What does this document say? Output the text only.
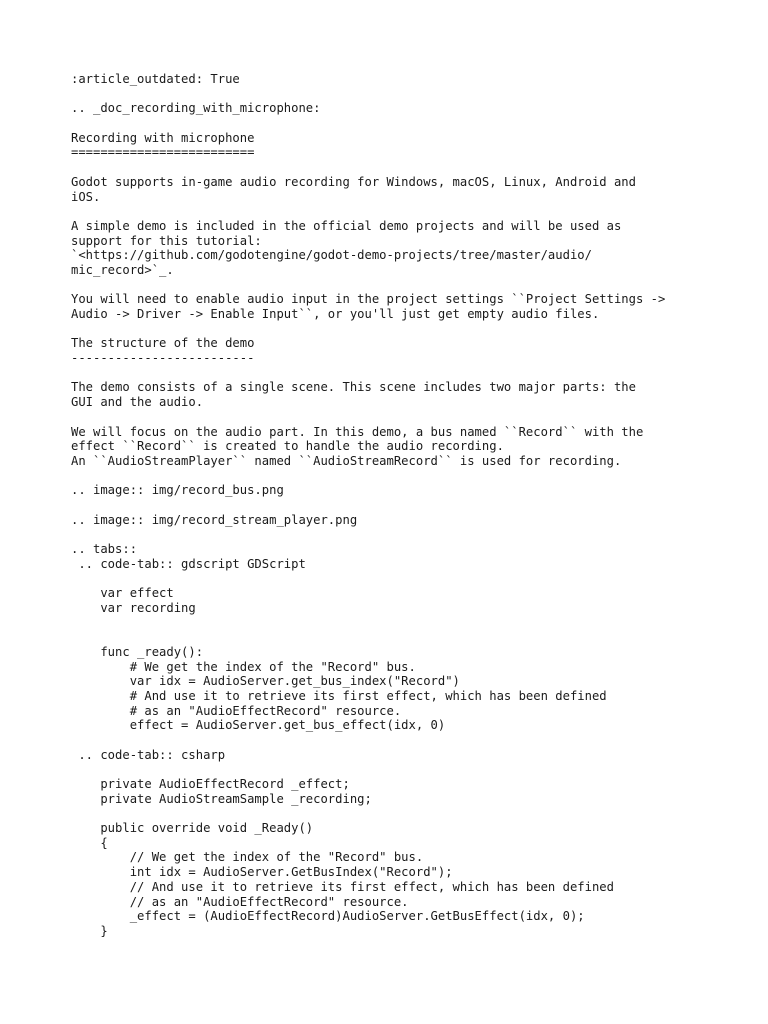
:article_outdated: True
.. _doc_recording_with_microphone:
Recording with microphone
=========================
Godot supports in-game audio recording for Windows, macOS, Linux, Android and
iOS.
A simple demo is included in the official demo projects and will be used as
support for this tutorial:
`<https://github.com/godotengine/godot-demo-projects/tree/master/audio/
mic_record>`_.
You will need to enable audio input in the project settings ``Project Settings ->
Audio -> Driver -> Enable Input``, or you'll just get empty audio files.
The structure of the demo
-------------------------
The demo consists of a single scene. This scene includes two major parts: the
GUI and the audio.
We will focus on the audio part. In this demo, a bus named ``Record`` with the
effect ``Record`` is created to handle the audio recording.
An ``AudioStreamPlayer`` named ``AudioStreamRecord`` is used for recording.
.. image:: img/record_bus.png
.. image:: img/record_stream_player.png
.. tabs::
.. code-tab:: gdscript GDScript
var effect
var recording
func _ready():
# We get the index of the "Record" bus.
var idx = AudioServer.get_bus_index("Record")
# And use it to retrieve its first effect, which has been defined
# as an "AudioEffectRecord" resource.
effect = AudioServer.get_bus_effect(idx, 0)
.. code-tab:: csharp
private AudioEffectRecord _effect;
private AudioStreamSample _recording;
public override void _Ready()
{
// We get the index of the "Record" bus.
int idx = AudioServer.GetBusIndex("Record");
// And use it to retrieve its first effect, which has been defined
// as an "AudioEffectRecord" resource.
_effect = (AudioEffectRecord)AudioServer.GetBusEffect(idx, 0);
}
